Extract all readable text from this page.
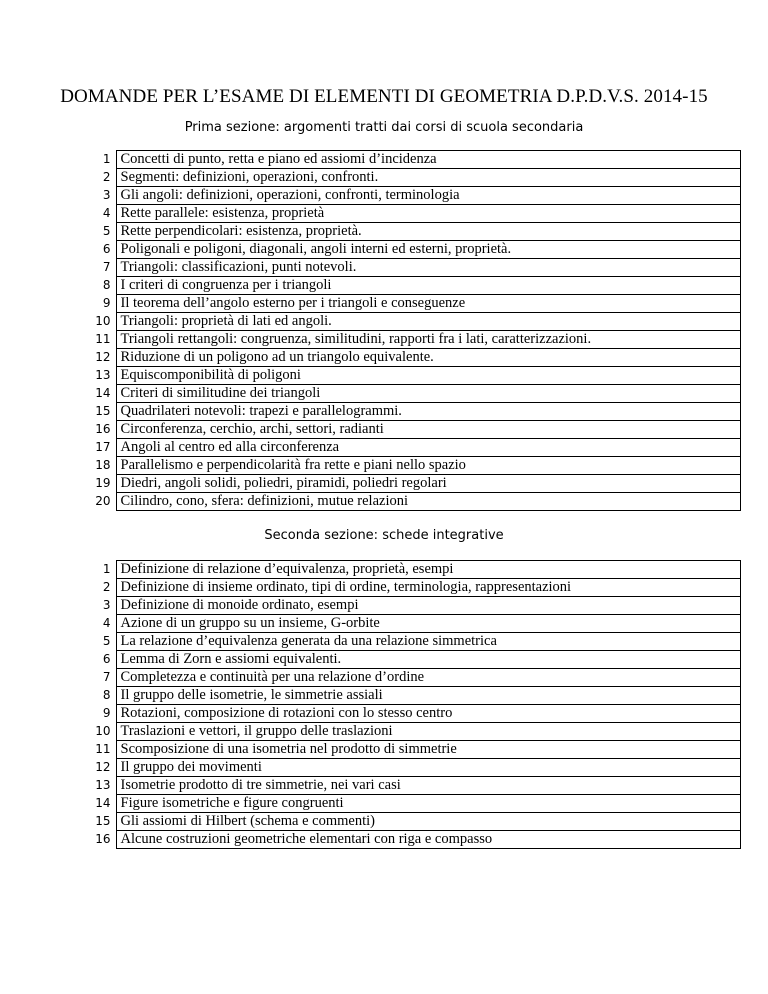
DOMANDE PER L’ESAME DI ELEMENTI DI GEOMETRIA D.P.D.V.S. 2014-15
Prima sezione: argomenti tratti dai corsi di scuola secondaria
1	Concetti di punto, retta e piano ed assiomi d’incidenza
2	Segmenti: definizioni, operazioni, confronti.
3	Gli angoli: definizioni, operazioni, confronti, terminologia
4	Rette parallele: esistenza, proprietà
5	Rette perpendicolari: esistenza, proprietà.
6	Poligonali e poligoni, diagonali, angoli interni ed esterni, proprietà.
7	Triangoli: classificazioni, punti notevoli.
8	I criteri di congruenza per i triangoli
9	Il teorema dell’angolo esterno per i triangoli e conseguenze
10	Triangoli: proprietà di lati ed angoli.
11	Triangoli rettangoli: congruenza, similitudini, rapporti fra i lati, caratterizzazioni.
12	Riduzione di un poligono ad un triangolo equivalente.
13	Equiscomponibilità di poligoni
14	Criteri di similitudine dei triangoli
15	Quadrilateri notevoli: trapezi e parallelogrammi.
16	Circonferenza, cerchio, archi, settori, radianti
17	Angoli al centro ed alla circonferenza
18	Parallelismo e perpendicolarità fra rette e piani nello spazio
19	Diedri, angoli solidi, poliedri, piramidi, poliedri regolari
20	Cilindro, cono, sfera: definizioni, mutue relazioni
Seconda sezione: schede integrative
1	Definizione di relazione d’equivalenza, proprietà, esempi
2	Definizione di insieme ordinato, tipi di ordine, terminologia, rappresentazioni
3	Definizione di monoide ordinato, esempi
4	Azione di un gruppo su un insieme, G-orbite
5	La relazione d’equivalenza generata da una relazione simmetrica
6	Lemma di Zorn e assiomi equivalenti.
7	Completezza e continuità per una relazione d’ordine
8	Il gruppo delle isometrie, le simmetrie assiali
9	Rotazioni, composizione di rotazioni con lo stesso centro
10	Traslazioni e vettori, il gruppo delle traslazioni
11	Scomposizione di una isometria nel prodotto di simmetrie
12	Il gruppo dei movimenti
13	Isometrie prodotto di tre simmetrie, nei vari casi
14	Figure isometriche e figure congruenti
15	Gli assiomi di Hilbert (schema e commenti)
16	Alcune costruzioni geometriche elementari con riga e compasso
